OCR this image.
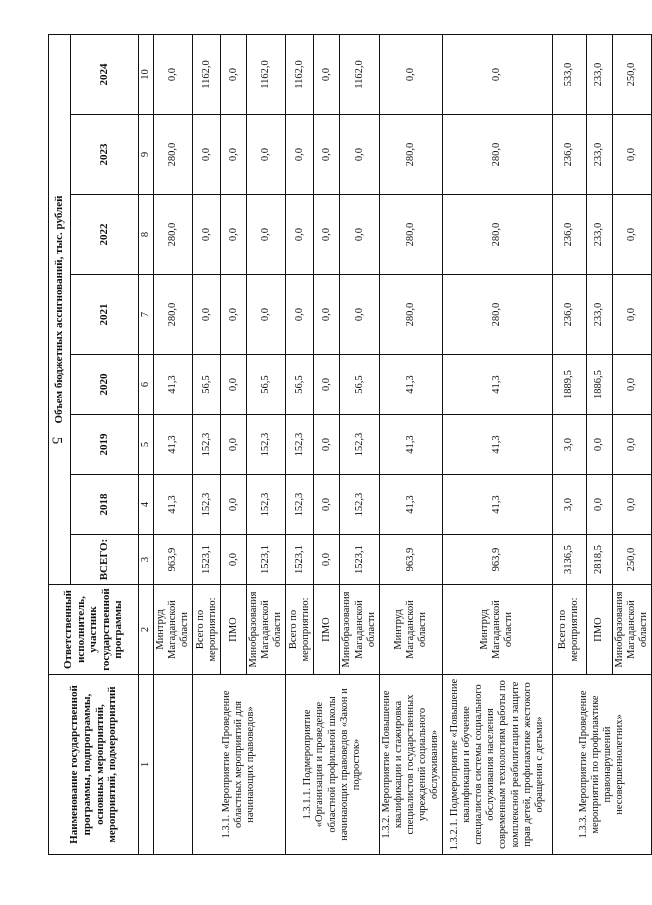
5
Наименование государственной программы, подпрограммы, основных мероприятий, мероприятий, подмероприятий	Ответственный исполнитель, участник государственной программы	Объем бюджетных ассигнований, тыс. рублей							
		ВСЕГО:	2018	2019	2020	2021	2022	2023	2024
1	2	3	4	5	6	7	8	9	10
	Минтруд Магаданской области	963,9	41,3	41,3	41,3	280,0	280,0	280,0	0,0
1.3.1. Мероприятие «Проведение областных мероприятий для начинающих правоведов»	Всего по мероприятию:	1523,1	152,3	152,3	56,5	0,0	0,0	0,0	1162,0
	ПМО	0,0	0,0	0,0	0,0	0,0	0,0	0,0	0,0
	Минобразования Магаданской области	1523,1	152,3	152,3	56,5	0,0	0,0	0,0	1162,0
1.3.1.1. Подмероприятие «Организация и проведение областной профильной школы начинающих правоведов «Закон и подросток»	Всего по мероприятию:	1523,1	152,3	152,3	56,5	0,0	0,0	0,0	1162,0
	ПМО	0,0	0,0	0,0	0,0	0,0	0,0	0,0	0,0
	Минобразования Магаданской области	1523,1	152,3	152,3	56,5	0,0	0,0	0,0	1162,0
1.3.2. Мероприятие «Повышение квалификации и стажировка специалистов государственных учреждений социального обслуживания»	Минтруд Магаданской области	963,9	41,3	41,3	41,3	280,0	280,0	280,0	0,0
1.3.2.1. Подмероприятие «Повышение квалификации и обучение специалистов системы социального обслуживания населения современным технологиям работы по комплексной реабилитации и защите прав детей, профилактике жестокого обращения с детьми»	Минтруд Магаданской области	963,9	41,3	41,3	41,3	280,0	280,0	280,0	0,0
1.3.3. Мероприятие «Проведение мероприятий по профилактике правонарушений несовершеннолетних»	Всего по мероприятию:	3136,5	3,0	3,0	1889,5	236,0	236,0	236,0	533,0
	ПМО	2818,5	0,0	0,0	1886,5	233,0	233,0	233,0	233,0
	Минобразования Магаданской области	250,0	0,0	0,0	0,0	0,0	0,0	0,0	250,0
